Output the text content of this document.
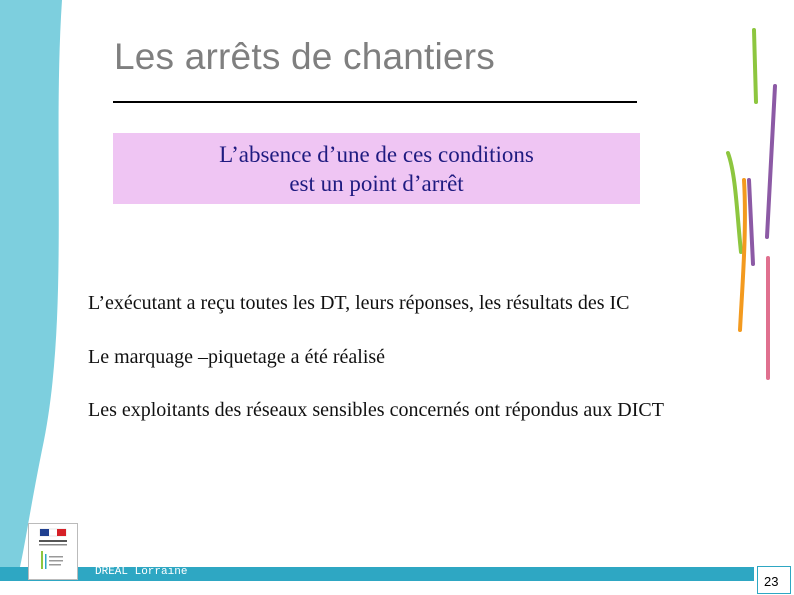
Les arrêts de chantiers
L’absence d’une de ces conditions
est un point d’arrêt
L’exécutant a reçu toutes les DT, leurs réponses, les résultats des IC
Le marquage –piquetage a été réalisé
Les exploitants des réseaux sensibles concernés ont répondus aux DICT
DREAL Lorraine
23
